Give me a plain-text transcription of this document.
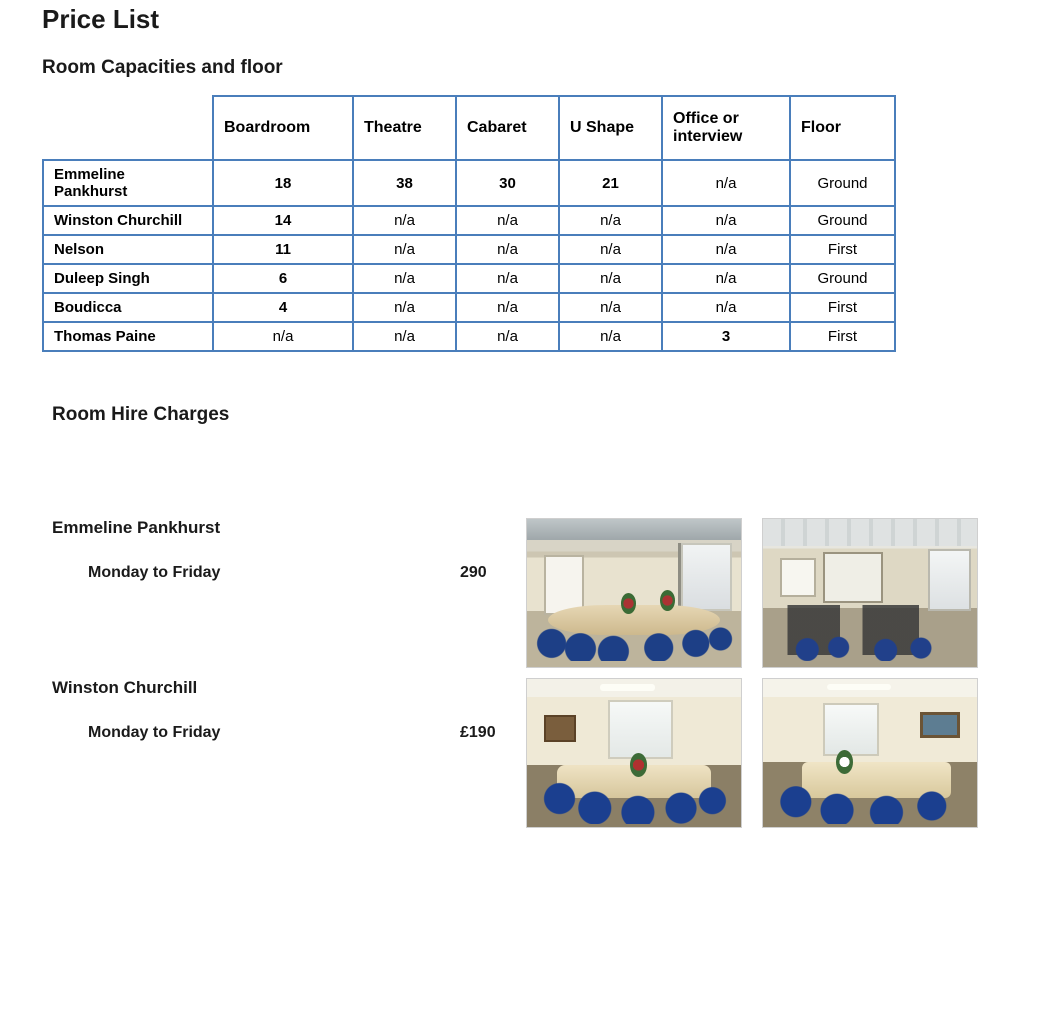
Price List
Room Capacities and floor
	Boardroom	Theatre	Cabaret	U Shape	Office or interview	Floor
Emmeline Pankhurst	18	38	30	21	n/a	Ground
Winston Churchill	14	n/a	n/a	n/a	n/a	Ground
Nelson	11	n/a	n/a	n/a	n/a	First
Duleep Singh	6	n/a	n/a	n/a	n/a	Ground
Boudicca	4	n/a	n/a	n/a	n/a	First
Thomas Paine	n/a	n/a	n/a	n/a	3	First
Room Hire Charges
Emmeline Pankhurst
Monday to Friday	290
Winston Churchill
Monday to Friday	£190
